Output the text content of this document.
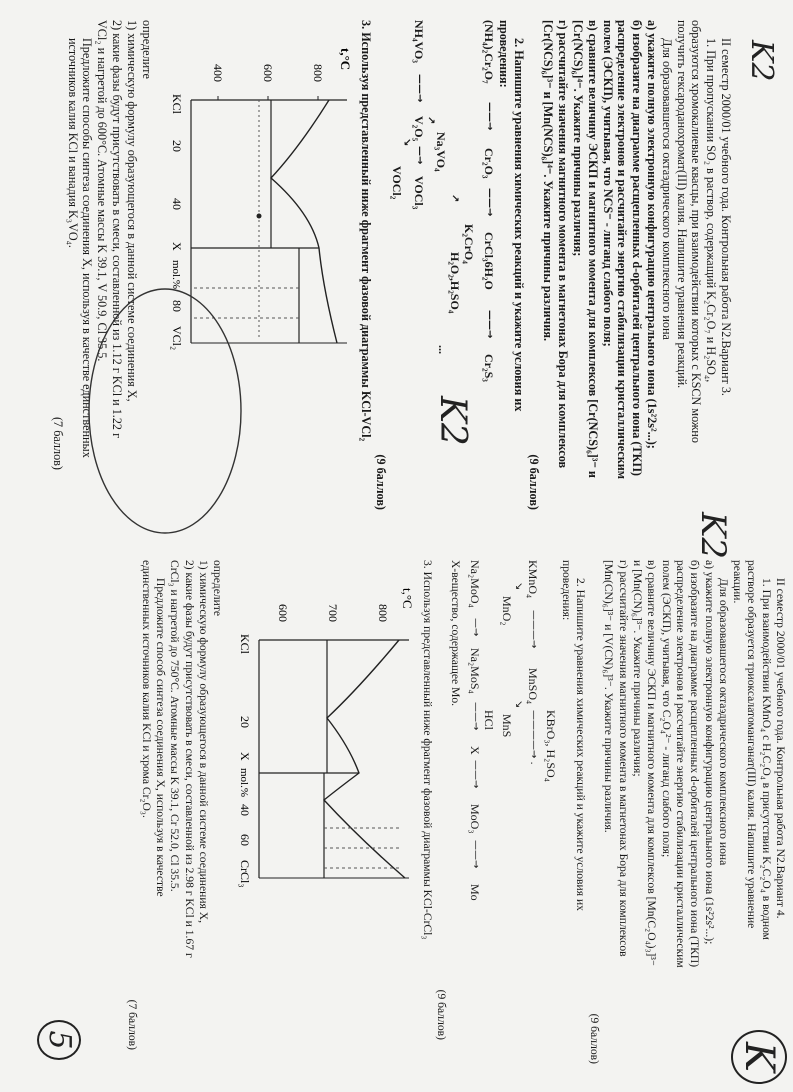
II семестр 2000/01 учебного года. Контрольная работа N2.Вариант 3.

1. При пропускании SO₂ в раствор, содержащий K₂Cr₂O₇ и H₂SO₄,

образуются хромокалиевые квасцы, при взаимодействии которых с KSCN можно

получить гексароданохромат(III) калия. Напишите уравнения реакций.

Для образовавшегося октаэдрического комплексного иона

а) укажите полную электронную конфигурацию центрального иона (1s²2s²...);

б) изобразите на диаграмме расщепленных d-орбиталей центрального иона (ТКП)

распределение электронов и рассчитайте энергию стабилизации кристаллическим

полем (ЭСКП), учитывая, что NCS⁻ - лиганд слабого поля;

в) сравните величину ЭСКП и магнитного момента для комплексов [Cr(NCS)₆]³⁻ и

[Cr(NCS)₆]⁴⁻. Укажите причины различия;

г) рассчитайте значения магнитного момента в магнетонах Бора для комплексов

[Cr(NCS)₆]³⁻ и [Mn(NCS)₆]⁴⁻. Укажите причины различия.

(9 баллов)

2. Напишите уравнения химических реакций и укажите условия их

проведения:

(NH₄)₂Cr₂O₇
——→
Cr₂O₃
——→
CrCl₃6Н₂O
——→
Cr₂S₃
K₂CrO₄
H₂O₂,H₂SO₄
...
↗
Na₃VO₄
↗
NH₄VO₃
——→
V₂O₅
—→
VOCl₃
↘
VOCl₂

(9 баллов)

3. Используя представленный ниже фрагмент фазовой диаграммы KCl-VCl₂

t,°C
800
600
400
KCl
20
40
X
mol.%
80
VCl₂

определите

1) химическую формулу образующегося в данной системе соединения X,

2) какие фазы будут присутствовать в смеси, составленной из 1.12 г KCl и 1.22 г

VCl₂ и нагретой до 600°С. Атомные массы K 39.1, V 50.9, Cl 35.5.

Предложите способы синтеза соединения X, используя в качестве единственных

источников калия KCl и ванадия K₃VO₄.

(7 баллов)

II семестр 2000/01 учебного года. Контрольная работа N2.Вариант 4.

1. При взаимодействии KMnO₄ с H₂C₂O₄ в присутствии K₂C₂O₄ в водном

растворе образуется триоксалатоманганат(III) калия. Напишите уравнение

реакции.

Для образовавшегося октаэдрического комплексного иона

а) укажите полную электронную конфигурацию центрального иона (1s²2s²...);

б) изобразите на диаграмме расщепленных d-орбиталей центрального иона (ТКП)

распределение электронов и рассчитайте энергию стабилизации кристаллическим

полем (ЭСКП), учитывая, что C₂O₄²⁻ - лиганд слабого поля;

в) сравните величину ЭСКП и магнитного момента для комплексов [Mn(C₂O₄)₃]³⁻

и [Mn(CN)₆]³⁻. Укажите причины различия;

г) рассчитайте значения магнитного момента в магнетонах Бора для комплексов

[Mn(CN)₆]³⁻ и [V(CN)₆]³⁻. Укажите причины различия.

(9 баллов)

2. Напишите уравнения химических реакций и укажите условия их

проведения:

KBrO₃, H₂SO₄
KMnO₄
———→
MnSO₄
————→ .
↘
MnS
↘
MnO₂
HCl
Na₂MoO₄
—→
Na₂MoS₄
——→
X
——→
MoO₃
——→
Mo

X-вещество, содержащее Mo.

(9 баллов)

3. Используя представленный ниже фрагмент фазовой диаграммы KCl-CrCl₃

t,°C
800
700
600
KCl
20
X
mol.%
40
60
CrCl₃

определите

1) химическую формулу образующегося в данной системе соединения X,

2) какие фазы будут присутствовать в смеси, составленной из 2.98 г KCl и 1.67 г

CrCl₃ и нагретой до 750°С. Атомные массы K 39.1, Cr 52.0, Cl 35.5.

Предложите способ синтеза соединения X, используя в качестве

единственных источников калия KCl и хрома Cr₂O₃.

(7 баллов)

K2
K2
K2
5
K
